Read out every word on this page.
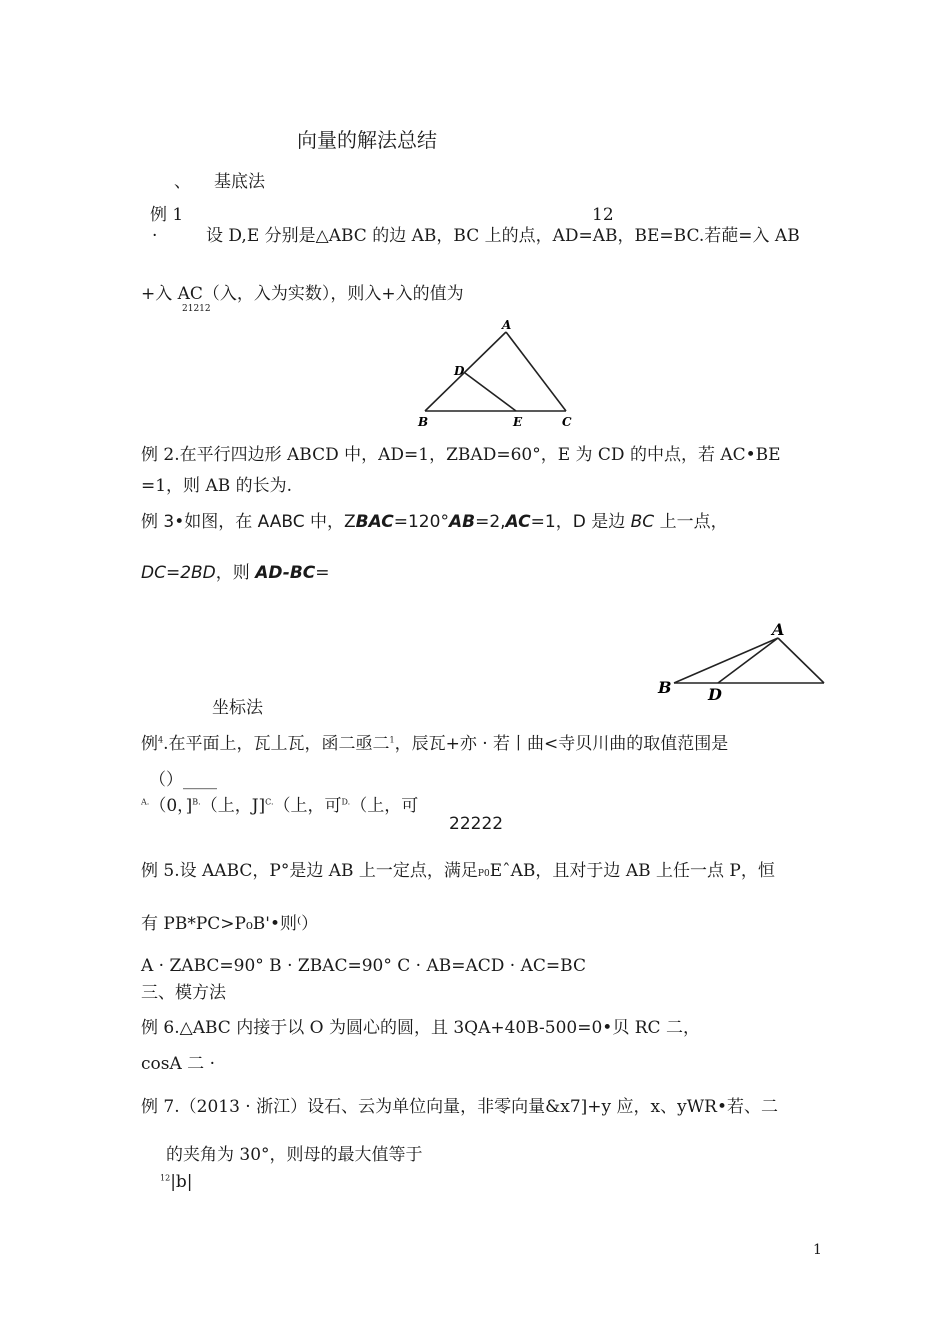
向量的解法总结
、 基底法
例 1	12
·	设 D,E 分别是△ABC 的边 AB，BC 上的点，AD=AB，BE=BC.若葩=入 AB
+入 AC（入，入为实数），则入+入的值为
21212
A
D
B	E	C
例 2.在平行四边形 ABCD 中，AD=1，ZBAD=60°，E 为 CD 的中点，若 AC•BE
=1，则 AB 的长为.
例 3•如图，在 AABC 中，ZBAC=120°AB=2,AC=1，D 是边 BC 上一点，
DC=2BD，则 AD-BC=
A
B D
坐标法
例$^4$.在平面上，瓦丄瓦，函二亟二$^1$，辰瓦+亦 · 若丨曲<寺贝川曲的取值范围是
（）____
$^{A.}$（0，]$^{B.}$（上，J]$^{C.}$（上，可$^{D.}$（上，可
22222
例 5.设 AABC，P°是边 AB 上一定点，满足P0EˆAB，且对于边 AB 上任一点 P，恒
有 PB*PC>P₀B'•则⁽）
A · ZABC=90° B · ZBAC=90° C · AB=ACD · AC=BC
三、模方法
例 6.△ABC 内接于以 O 为圆心的圆，且 3QA+40B-500=0•贝 RC 二，
cosA 二 ·
例 7.（2013 · 浙江）设石、云为单位向量，非零向量&x7]+y 应，x、yWR•若、二
的夹角为 30°，则母的最大值等于
$^{12}$|b|
1
